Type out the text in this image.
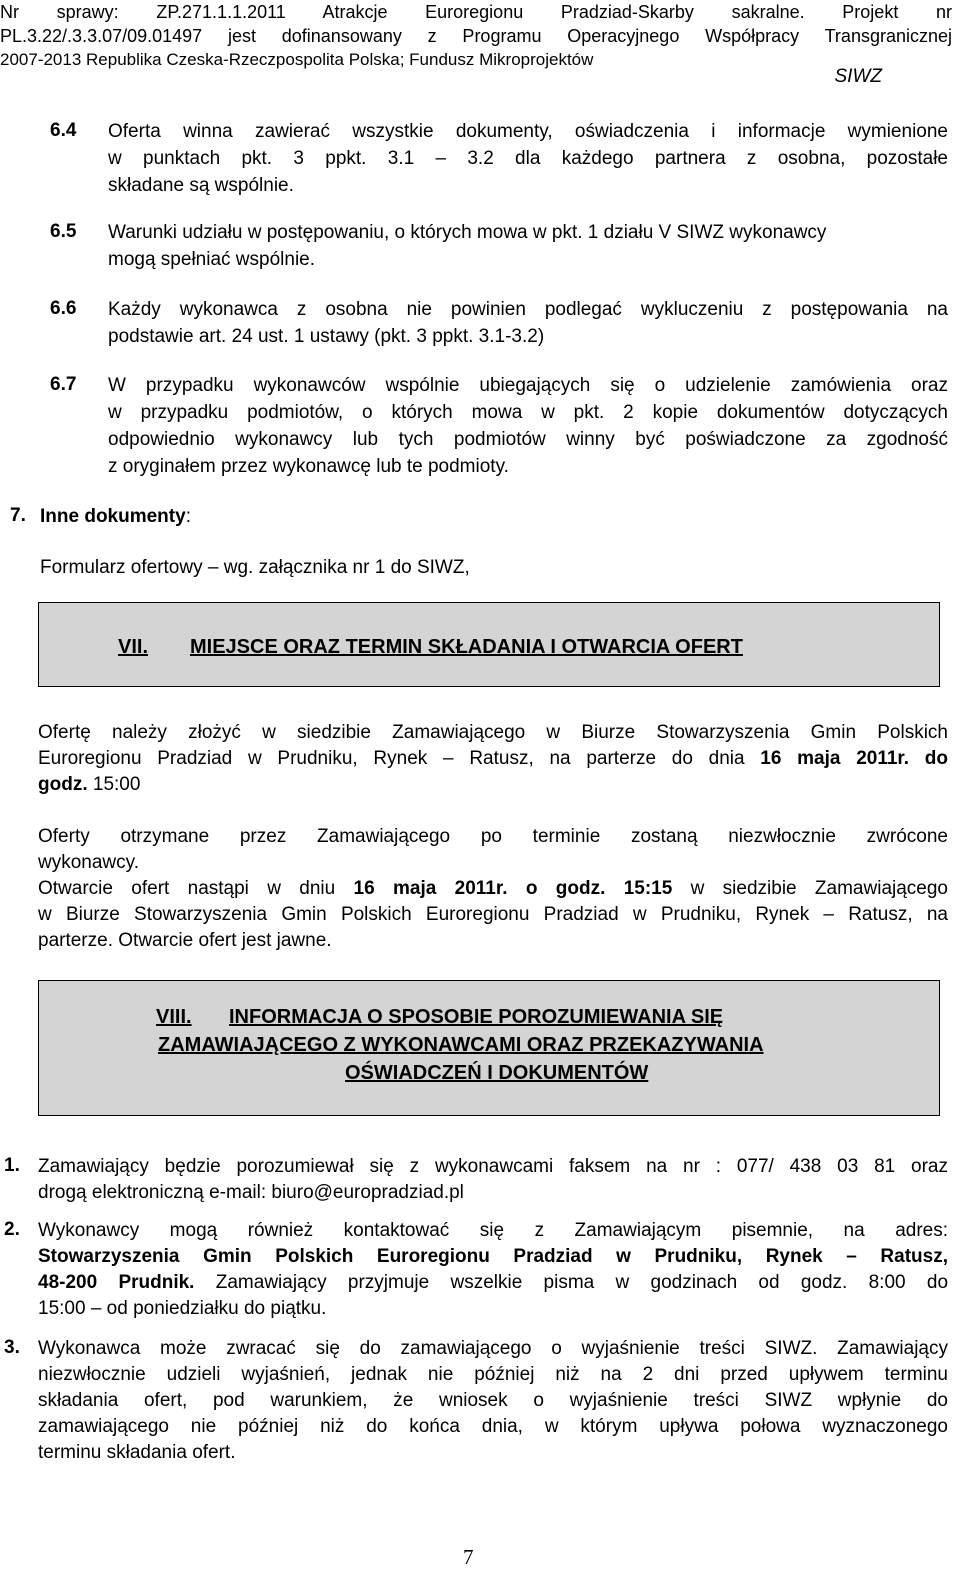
Nr sprawy: ZP.271.1.1.2011 Atrakcje Euroregionu Pradziad-Skarby sakralne. Projekt nr
PL.3.22/.3.3.07/09.01497 jest dofinansowany z Programu Operacyjnego Współpracy Transgranicznej
2007-2013 Republika Czeska-Rzeczpospolita Polska; Fundusz Mikroprojektów
SIWZ
6.4 Oferta winna zawierać wszystkie dokumenty, oświadczenia i informacje wymienione
w punktach pkt. 3 ppkt. 3.1 – 3.2 dla każdego partnera z osobna, pozostałe
składane są wspólnie.
6.5 Warunki udziału w postępowaniu, o których mowa w pkt. 1 działu V SIWZ wykonawcy
mogą spełniać wspólnie.
6.6 Każdy wykonawca z osobna nie powinien podlegać wykluczeniu z postępowania na
podstawie art. 24 ust. 1 ustawy (pkt. 3 ppkt. 3.1-3.2)
6.7 W przypadku wykonawców wspólnie ubiegających się o udzielenie zamówienia oraz
w przypadku podmiotów, o których mowa w pkt. 2 kopie dokumentów dotyczących
odpowiednio wykonawcy lub tych podmiotów winny być poświadczone za zgodność
z oryginałem przez wykonawcę lub te podmioty.
7. Inne dokumenty:
Formularz ofertowy – wg. załącznika nr 1 do SIWZ,
VII. MIEJSCE ORAZ TERMIN SKŁADANIA I OTWARCIA OFERT
Ofertę należy złożyć w siedzibie Zamawiającego w Biurze Stowarzyszenia Gmin Polskich
Euroregionu Pradziad w Prudniku, Rynek – Ratusz, na parterze do dnia 16 maja 2011r. do
godz. 15:00
Oferty otrzymane przez Zamawiającego po terminie zostaną niezwłocznie zwrócone
wykonawcy.
Otwarcie ofert nastąpi w dniu 16 maja 2011r. o godz. 15:15 w siedzibie Zamawiającego
w Biurze Stowarzyszenia Gmin Polskich Euroregionu Pradziad w Prudniku, Rynek – Ratusz, na
parterze. Otwarcie ofert jest jawne.
VIII. INFORMACJA O SPOSOBIE POROZUMIEWANIA SIĘ
ZAMAWIAJĄCEGO Z WYKONAWCAMI ORAZ PRZEKAZYWANIA
OŚWIADCZEŃ I DOKUMENTÓW
1. Zamawiający będzie porozumiewał się z wykonawcami faksem na nr : 077/ 438 03 81 oraz
drogą elektroniczną e-mail: biuro@europradziad.pl
2. Wykonawcy mogą również kontaktować się z Zamawiającym pisemnie, na adres:
Stowarzyszenia Gmin Polskich Euroregionu Pradziad w Prudniku, Rynek – Ratusz,
48-200 Prudnik. Zamawiający przyjmuje wszelkie pisma w godzinach od godz. 8:00 do
15:00 – od poniedziałku do piątku.
3. Wykonawca może zwracać się do zamawiającego o wyjaśnienie treści SIWZ. Zamawiający
niezwłocznie udzieli wyjaśnień, jednak nie później niż na 2 dni przed upływem terminu
składania ofert, pod warunkiem, że wniosek o wyjaśnienie treści SIWZ wpłynie do
zamawiającego nie później niż do końca dnia, w którym upływa połowa wyznaczonego
terminu składania ofert.
7
